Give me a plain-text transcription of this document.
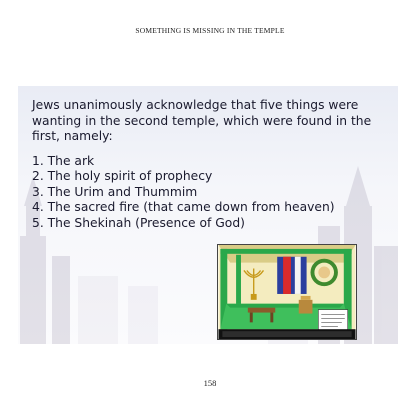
SOMETHING IS MISSING IN THE TEMPLE

Jews unanimously acknowledge that five things were wanting in the second temple, which were found in the first, namely:

1. The ark
2. The holy spirit of prophecy
3. The Urim and Thummim
4. The sacred fire (that came down from heaven)
5. The Shekinah (Presence of God)
158
